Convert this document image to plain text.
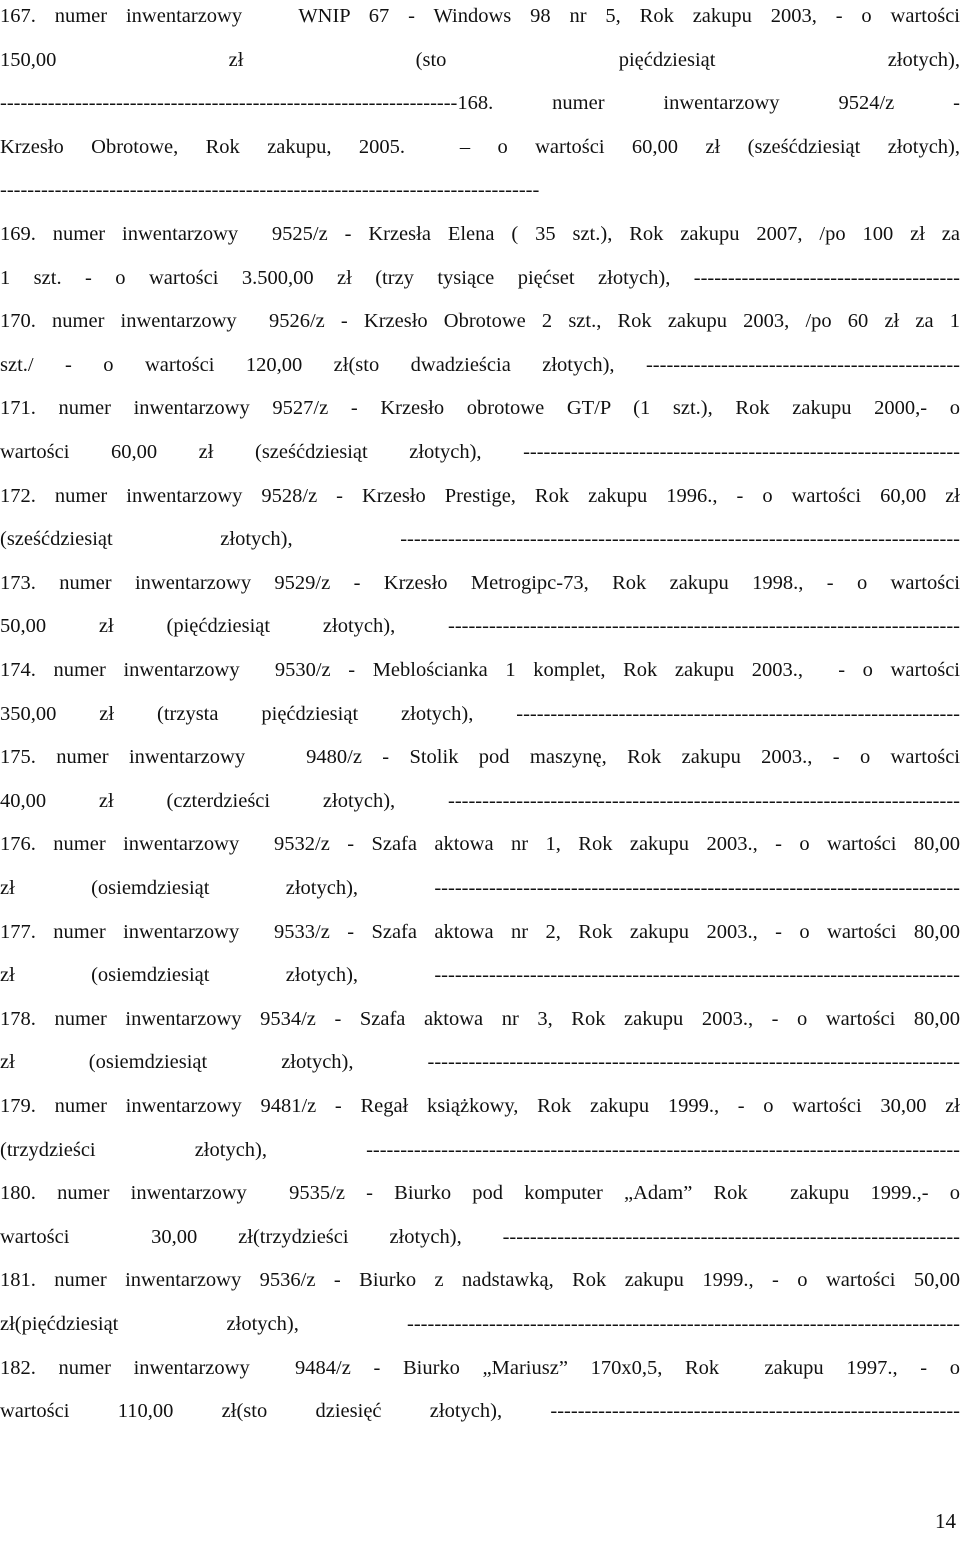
167. numer inwentarzowy   WNIP 67 - Windows 98 nr 5, Rok zakupu 2003, - o wartości
150,00             zł             (sto             pięćdziesiąt             złotych),
-------------------------------------------------------------------168. numer inwentarzowy 9524/z -
Krzesło Obrotowe, Rok zakupu, 2005.  – o wartości 60,00 zł (sześćdziesiąt złotych),
-------------------------------------------------------------------------------
169. numer inwentarzowy  9525/z - Krzesła Elena ( 35 szt.), Rok zakupu 2007, /po 100 zł za
1 szt. - o wartości 3.500,00 zł (trzy tysiące pięćset złotych), ---------------------------------------
170. numer inwentarzowy  9526/z - Krzesło Obrotowe 2 szt., Rok zakupu 2003, /po 60 zł za 1
szt./ - o wartości 120,00 zł(sto dwadzieścia złotych), ----------------------------------------------
171. numer inwentarzowy 9527/z - Krzesło obrotowe GT/P (1 szt.), Rok zakupu 2000,- o
wartości 60,00 zł (sześćdziesiąt złotych), ----------------------------------------------------------------
172. numer inwentarzowy 9528/z - Krzesło Prestige, Rok zakupu 1996., - o wartości 60,00 zł
(sześćdziesiąt złotych), ----------------------------------------------------------------------------------
173. numer inwentarzowy 9529/z - Krzesło Metrogipc-73, Rok zakupu 1998., - o wartości
50,00 zł (pięćdziesiąt złotych), ---------------------------------------------------------------------------
174. numer inwentarzowy  9530/z - Meblościanka 1 komplet, Rok zakupu 2003.,  - o wartości
350,00 zł (trzysta pięćdziesiąt złotych), -----------------------------------------------------------------
175. numer inwentarzowy   9480/z - Stolik pod maszynę, Rok zakupu 2003., - o wartości
40,00 zł (czterdzieści złotych), ---------------------------------------------------------------------------
176. numer inwentarzowy  9532/z - Szafa aktowa nr 1, Rok zakupu 2003., - o wartości 80,00
zł (osiemdziesiąt złotych), -----------------------------------------------------------------------------
177. numer inwentarzowy  9533/z - Szafa aktowa nr 2, Rok zakupu 2003., - o wartości 80,00
zł (osiemdziesiąt złotych), -----------------------------------------------------------------------------
178. numer inwentarzowy 9534/z - Szafa aktowa nr 3, Rok zakupu 2003., - o wartości 80,00
zł (osiemdziesiąt złotych), ------------------------------------------------------------------------------
179. numer inwentarzowy 9481/z - Regał książkowy, Rok zakupu 1999., - o wartości 30,00 zł
(trzydzieści złotych), ---------------------------------------------------------------------------------------
180. numer inwentarzowy  9535/z - Biurko pod komputer „Adam” Rok  zakupu 1999.,- o
wartości  30,00 zł(trzydzieści złotych), -------------------------------------------------------------------
181. numer inwentarzowy 9536/z - Biurko z nadstawką, Rok zakupu 1999., - o wartości 50,00
zł(pięćdziesiąt złotych), ---------------------------------------------------------------------------------
182. numer inwentarzowy  9484/z - Biurko „Mariusz” 170x0,5, Rok  zakupu 1997., - o
wartości 110,00 zł(sto dziesięć złotych), ------------------------------------------------------------
14
